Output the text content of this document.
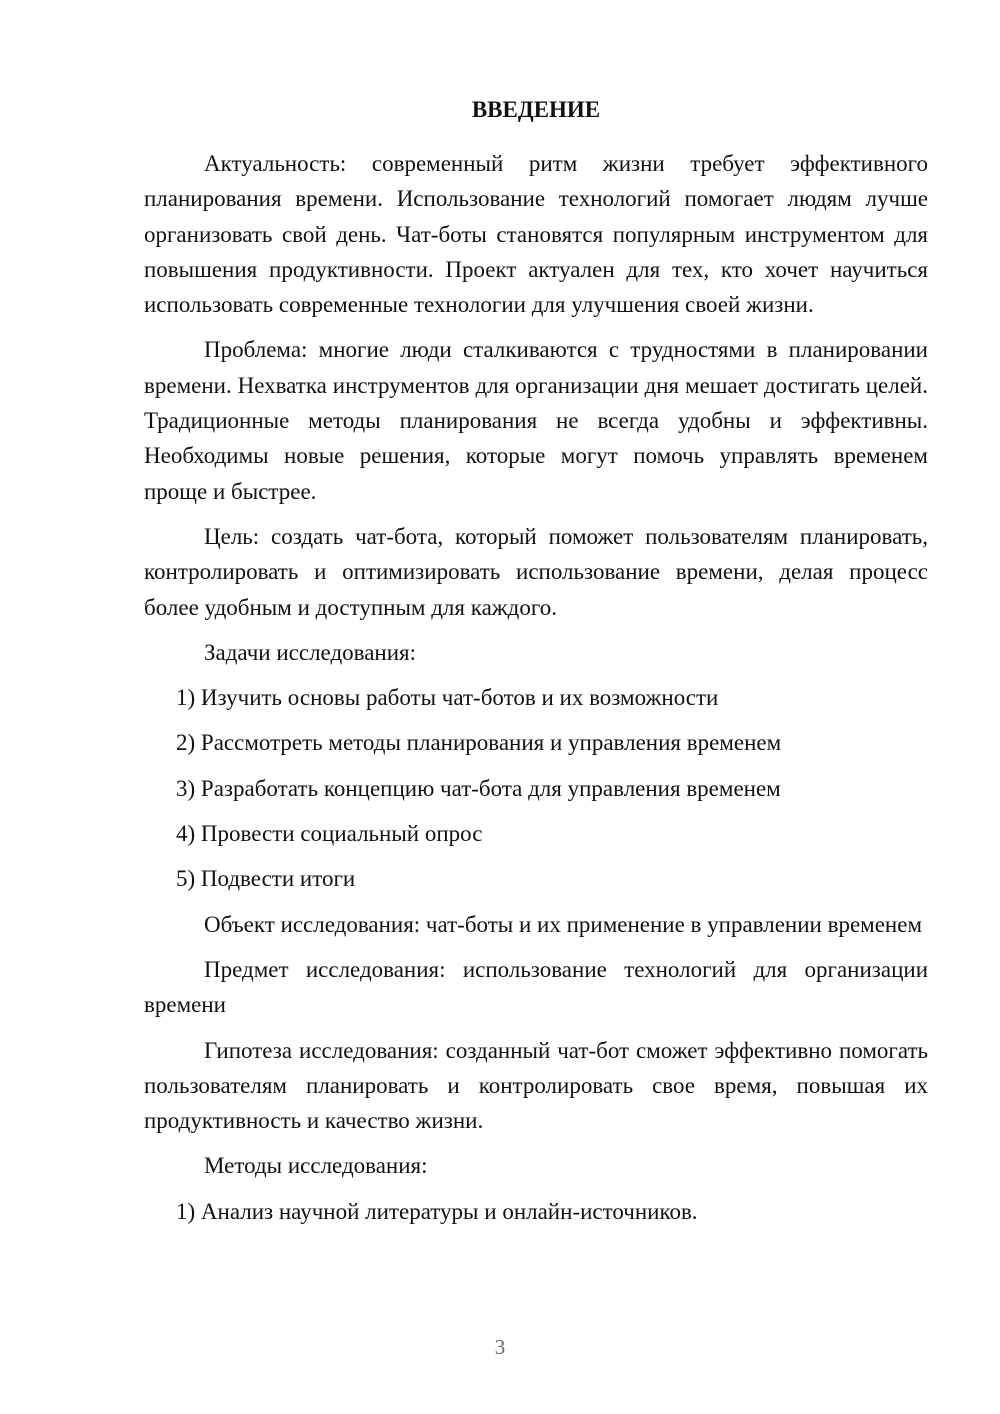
ВВЕДЕНИЕ

Актуальность: современный ритм жизни требует эффективного планирования времени. Использование технологий помогает людям лучше организовать свой день. Чат-боты становятся популярным инструментом для повышения продуктивности. Проект актуален для тех, кто хочет научиться использовать современные технологии для улучшения своей жизни.

Проблема: многие люди сталкиваются с трудностями в планировании времени. Нехватка инструментов для организации дня мешает достигать целей. Традиционные методы планирования не всегда удобны и эффективны. Необходимы новые решения, которые могут помочь управлять временем проще и быстрее.

Цель: создать чат-бота, который поможет пользователям планировать, контролировать и оптимизировать использование времени, делая процесс более удобным и доступным для каждого.

Задачи исследования:

1) Изучить основы работы чат-ботов и их возможности
2) Рассмотреть методы планирования и управления временем
3) Разработать концепцию чат-бота для управления временем
4) Провести социальный опрос
5) Подвести итоги

Объект исследования: чат-боты и их применение в управлении временем

Предмет исследования: использование технологий для организации времени

Гипотеза исследования: созданный чат-бот сможет эффективно помогать пользователям планировать и контролировать свое время, повышая их продуктивность и качество жизни.

Методы исследования:

1) Анализ научной литературы и онлайн-источников.
3
